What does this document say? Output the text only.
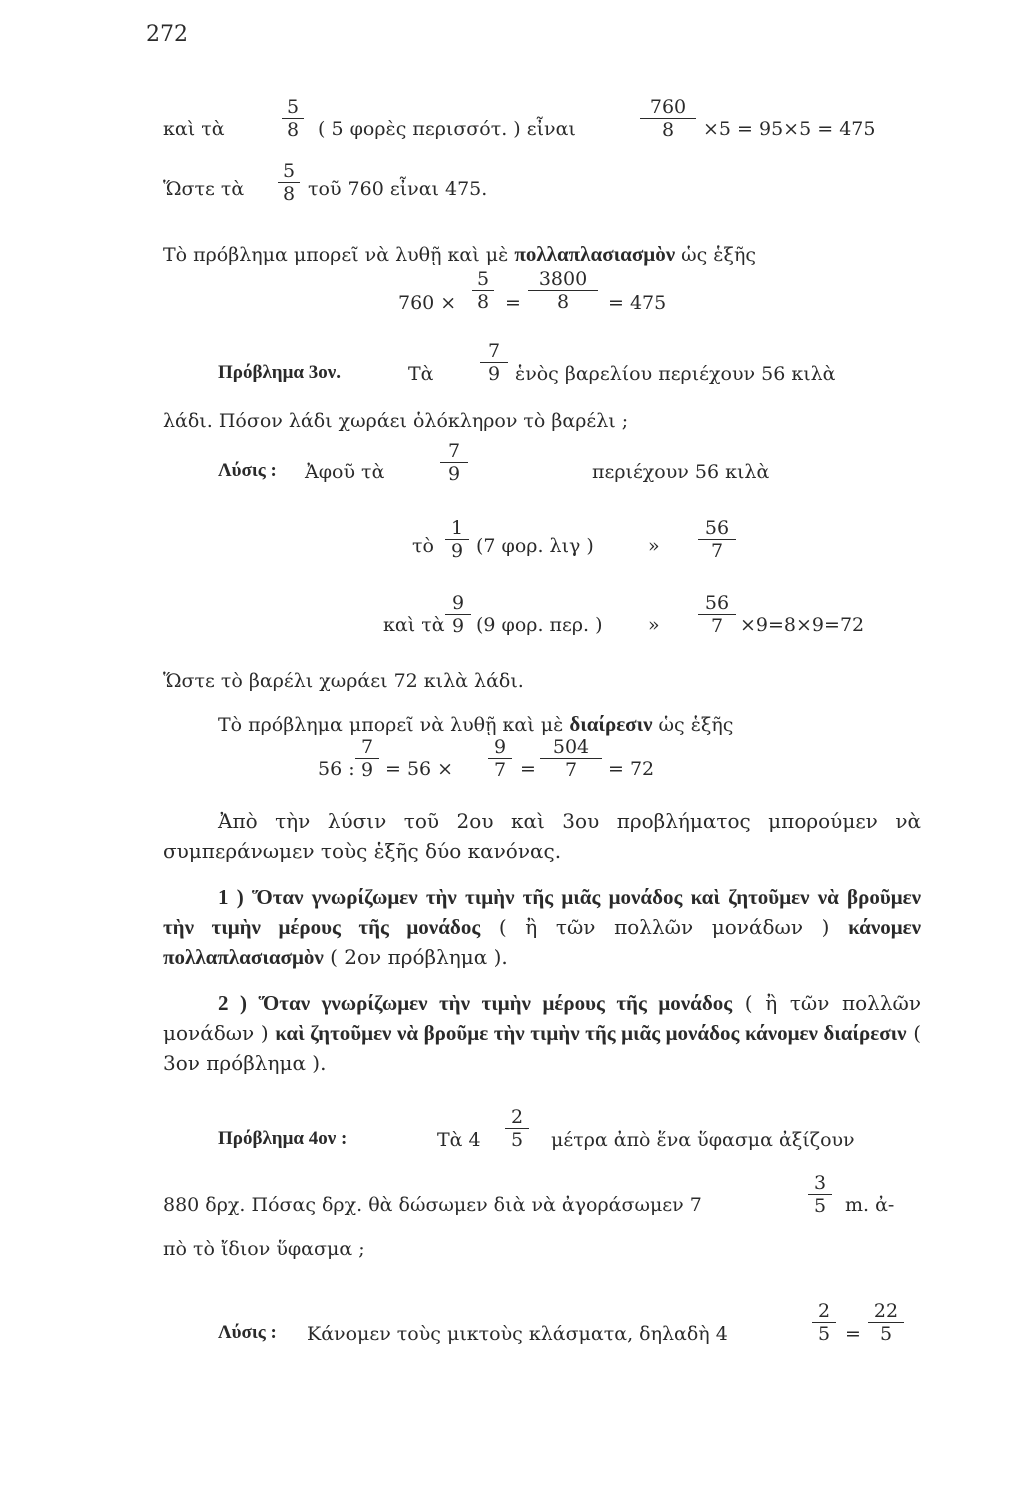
272
καὶ τὰ	$\frac{5}{8}$ ( 5 φορὲς περισσότ. ) εἶναι	$\frac{760}{8} \times 5 = 95\times 5 = 475$
Ὥστε τὰ $\frac{5}{8}$ τοῦ 760 εἶναι 475.
Τὸ πρόβλημα μπορεῖ νὰ λυθῇ καὶ μὲ πολλαπλασιασμὸν ὡς ἑξῆς
$760 \times \frac{5}{8} = \frac{3800}{8} = 475$
Πρόβλημα 3ον.	Τὰ $\frac{7}{9}$ ἑνὸς βαρελίου περιέχουν 56 κιλὰ
λάδι. Πόσον λάδι χωράει ὁλόκληρον τὸ βαρέλι ;
Λύσις : Ἀφοῦ τὰ	$\frac{7}{9}$	περιέχουν 56 κιλὰ
τὸ $\frac{1}{9} (7$ φορ. λιγ )	» $\frac{56}{7}$
καὶ τὰ $\frac{9}{9} (9$ φορ. περ. ) » $\frac{56}{7} \times 9=8\times 9=72$
Ὥστε τὸ βαρέλι χωράει 72 κιλὰ λάδι.
Τὸ πρόβλημα μπορεῖ νὰ λυθῇ καὶ μὲ διαίρεσιν ὡς ἑξῆς
56 : $\frac{7}{9} = 56 \times \frac{9}{7} = \frac{504}{7} = 72$
Ἀπὸ τὴν λύσιν τοῦ 2ου καὶ 3ου προβλήματος μπορούμεν νὰ συμπεράνωμεν τοὺς ἑξῆς δύο κανόνας.
1 ) Ὅταν γνωρίζωμεν τὴν τιμὴν τῆς μιᾶς μονάδος καὶ ζητοῦμεν νὰ βροῦμεν τὴν τιμὴν μέρους τῆς μονάδος ( ἢ τῶν πολλῶν μονάδων ) κάνομεν πολλαπλασιασμὸν ( 2ον πρόβλημα ).
2 ) Ὅταν γνωρίζωμεν τὴν τιμὴν μέρους τῆς μονάδος ( ἢ τῶν πολλῶν μονάδων ) καὶ ζητοῦμεν νὰ βροῦμε τὴν τιμὴν τῆς μιᾶς μονάδος κάνομεν διαίρεσιν ( 3ον πρόβλημα ).
Πρόβλημα 4ον :	Τὰ $4 \frac{2}{5}$ μέτρα ἀπὸ ἕνα ὕφασμα ἀξίζουν
880 δρχ. Πόσας δρχ. θὰ δώσωμεν διὰ νὰ ἀγοράσωμεν 7	$\frac{3}{5} m$. ἀ-
πὸ τὸ ἴδιον ὕφασμα ;
Λύσις : Κάνομεν τοὺς μικτοὺς κλάσματα, δηλαδὴ 4	$\frac{2}{5} = \frac{22}{5}$
